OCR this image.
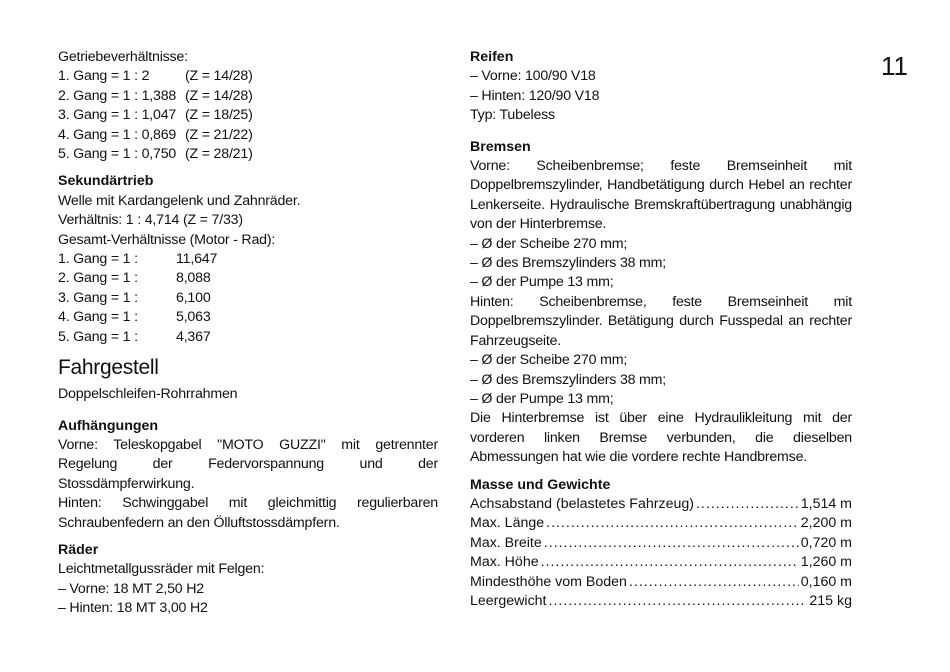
11
Getriebeverhältnisse:
1. Gang = 1 : 2	(Z = 14/28)
2. Gang = 1 : 1,388 (Z = 14/28)
3. Gang = 1 : 1,047 (Z = 18/25)
4. Gang = 1 : 0,869 (Z = 21/22)
5. Gang = 1 : 0,750 (Z = 28/21)
Sekundärtrieb
Welle mit Kardangelenk und Zahnräder.
Verhältnis: 1 : 4,714 (Z = 7/33)
Gesamt-Verhältnisse (Motor - Rad):
1. Gang = 1 :	11,647
2. Gang = 1 :	8,088
3. Gang = 1 :	6,100
4. Gang = 1 :	5,063
5. Gang = 1 :	4,367
Fahrgestell
Doppelschleifen-Rohrrahmen
Aufhängungen
Vorne: Teleskopgabel "MOTO GUZZI" mit getrennter Regelung der Federvorspannung und der Stossdämpferwirkung.
Hinten: Schwinggabel mit gleichmittig regulierbaren Schraubenfedern an den Ölluftstossdämpfern.
Räder
Leichtmetallgussräder mit Felgen:
– Vorne: 18 MT 2,50 H2
– Hinten: 18 MT 3,00 H2
Reifen
– Vorne: 100/90 V18
– Hinten: 120/90 V18
Typ: Tubeless
Bremsen
Vorne: Scheibenbremse; feste Bremseinheit mit Doppelbremszylinder, Handbetätigung durch Hebel an rechter Lenkerseite. Hydraulische Bremskraftübertragung unabhängig von der Hinterbremse.
– Ø der Scheibe 270 mm;
– Ø des Bremszylinders 38 mm;
– Ø der Pumpe 13 mm;
Hinten: Scheibenbremse, feste Bremseinheit mit Doppelbremszylinder. Betätigung durch Fusspedal an rechter Fahrzeugseite.
– Ø der Scheibe 270 mm;
– Ø des Bremszylinders 38 mm;
– Ø der Pumpe 13 mm;
Die Hinterbremse ist über eine Hydraulikleitung mit der vorderen linken Bremse verbunden, die dieselben Abmessungen hat wie die vordere rechte Handbremse.
Masse und Gewichte
Achsabstand (belastetes Fahrzeug) .....	1,514 m
Max. Länge .....	2,200 m
Max. Breite .....	0,720 m
Max. Höhe .....	1,260 m
Mindesthöhe vom Boden .....	0,160 m
Leergewicht .....	215 kg
